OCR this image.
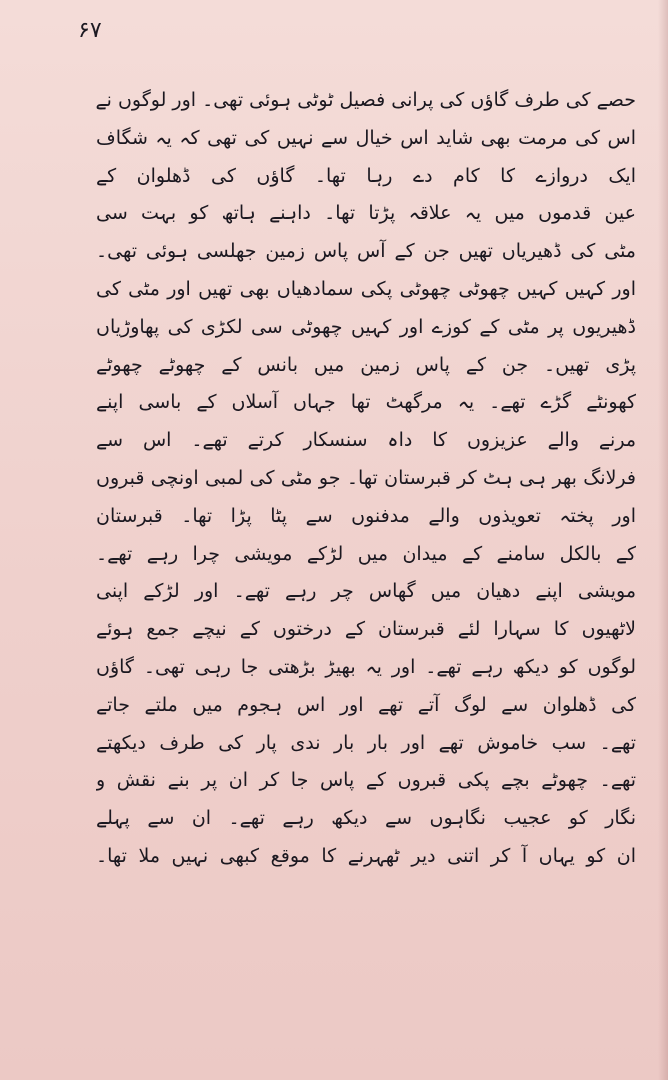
۶۷
حصے کی طرف گاؤں کی پرانی فصیل ٹوٹی ہوئی تھی۔ اور لوگوں نے
اس کی مرمت بھی شاید اس خیال سے نہیں کی تھی کہ یہ شگاف
ایک دروازے کا کام دے رہا تھا۔ گاؤں کی ڈھلوان کے
عین قدموں میں یہ علاقہ پڑتا تھا۔ داہنے ہاتھ کو بہت سی
مٹی کی ڈھیریاں تھیں جن کے آس پاس زمین جھلسی ہوئی تھی۔
اور کہیں کہیں چھوٹی چھوٹی پکی سمادھیاں بھی تھیں اور مٹی کی
ڈھیریوں پر مٹی کے کوزے اور کہیں چھوٹی سی لکڑی کی پھاوڑیاں
پڑی تھیں۔ جن کے پاس زمین میں بانس کے چھوٹے چھوٹے
کھونٹے گڑے تھے۔ یہ مرگھٹ تھا جہاں آسلاں کے باسی اپنے
مرنے والے عزیزوں کا داہ سنسکار کرتے تھے۔ اس سے
فرلانگ بھر ہی ہٹ کر قبرستان تھا۔ جو مٹی کی لمبی اونچی قبروں
اور پختہ تعویذوں والے مدفنوں سے پٹا پڑا تھا۔ قبرستان
کے بالکل سامنے کے میدان میں لڑکے مویشی چرا رہے تھے۔
مویشی اپنے دھیان میں گھاس چر رہے تھے۔ اور لڑکے اپنی
لاٹھیوں کا سہارا لئے قبرستان کے درختوں کے نیچے جمع ہوئے
لوگوں کو دیکھ رہے تھے۔ اور یہ بھیڑ بڑھتی جا رہی تھی۔ گاؤں
کی ڈھلوان سے لوگ آتے تھے اور اس ہجوم میں ملتے جاتے
تھے۔ سب خاموش تھے اور بار بار ندی پار کی طرف دیکھتے
تھے۔ چھوٹے بچے پکی قبروں کے پاس جا کر ان پر بنے نقش و
نگار کو عجیب نگاہوں سے دیکھ رہے تھے۔ ان سے پہلے
ان کو یہاں آ کر اتنی دیر ٹھہرنے کا موقع کبھی نہیں ملا تھا۔
